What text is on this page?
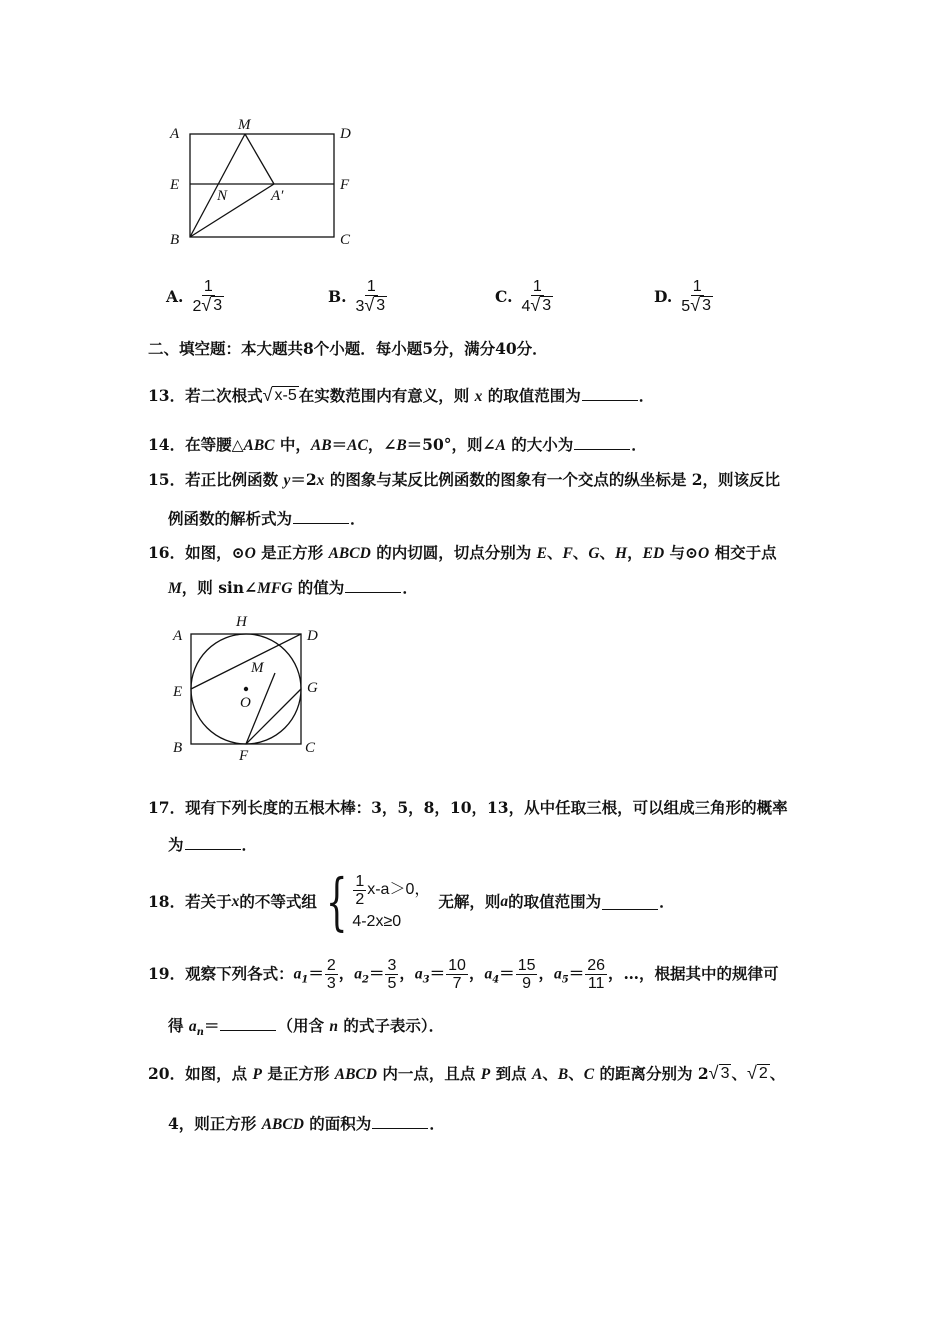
A
M
D
E
N	A′
F
B	C
A. $\frac{1}{2 √ 3}$	B. $\frac{1}{3 √ 3}$	C. $\frac{1}{4 √ 3}$	D. $\frac{1}{5 √ 3}$
二、填空题：本大题共8个小题．每小题5分，满分40分．
13．若二次根式 √ x-5 在实数范围内有意义，则 x 的取值范围为	．
14．在等腰△ABC 中，AB＝AC，∠B＝50°，则∠A 的大小为	．
15．若正比例函数 y＝2x 的图象与某反比例函数的图象有一个交点的纵坐标是 2，则该反比
例函数的解析式为	．
16．如图，⊙O 是正方形 ABCD 的内切圆，切点分别为 E、F、G、H，ED 与⊙O 相交于点
M，则 sin∠MFG 的值为	．
A
H
D
M
E
O
G
B	F	C
17．现有下列长度的五根木棒：3，5，8，10，13，从中任取三根，可以组成三角形的概率
为	．
18． 若关于 x 的不等式组 { $\frac{1}{2} x-a>0$，
4-2x≥0
无解，则 a 的取值范围为	．
19． 观察下列各式： $a_1= \frac{2}{3}$ ， $a_2= \frac{3}{5}$ ， $a_3= \frac{10}{7}$ ， $a_4= \frac{15}{9}$ ， $a_5= \frac{26}{11}$ ， …，根据其中的规律可
得 $a_n=$	（用含 n 的式子表示）．
20．如图，点 P 是正方形 ABCD 内一点，且点 P 到点 A、B、C 的距离分别为 2 √ 3 、 √ 2 、
4，则正方形 ABCD 的面积为	．
